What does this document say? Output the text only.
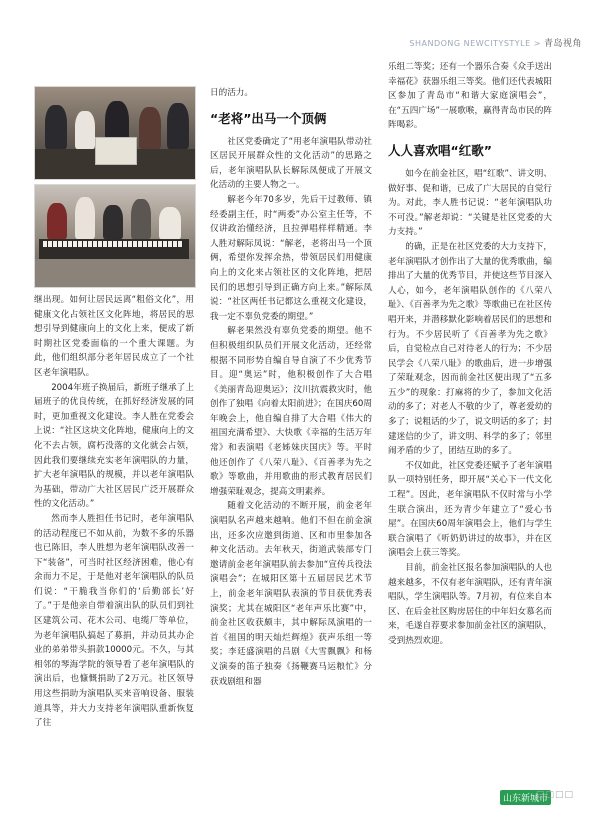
SHANDONG NEWCITYSTYLE > 青岛视角

继出现。如何让居民远离“粗俗文化”，用健康文化占领社区文化阵地，将居民的思想引导到健康向上的文化上来，便成了新时期社区党委面临的一个重大课题。为此，他们组织部分老年居民成立了一个社区老年演唱队。

2004年班子换届后，新班子继承了上届班子的优良传统，在抓好经济发展的同时，更加重视文化建设。李人胜在党委会上说：“社区这块文化阵地，健康向上的文化不去占领，腐朽没落的文化就会占领，因此我们要继续充实老年演唱队的力量，扩大老年演唱队的规模，并以老年演唱队为基础，带动广大社区居民广泛开展群众性的文化活动。”

然而李人胜担任书记时，老年演唱队的活动程度已不如从前，为数不多的乐器也已陈旧，李人胜想为老年演唱队改善一下“装备”，可当时社区经济困难，他心有余而力不足，于是他对老年演唱队的队员们说：“干脆我当你们的‘后勤部长’好了。”于是他亲自带着演出队的队员们到社区建筑公司、花木公司、电缆厂等单位，为老年演唱队搞起了募捐，并动员其办企业的弟弟带头捐款10000元。不久，与其相邻的琴海学院的领导看了老年演唱队的演出后，也慷慨捐助了2万元。社区领导用这些捐助为演唱队买来音响设备、服装道具等，并大力支持老年演唱队重新恢复了往

日的活力。

“老将”出马一个顶俩

社区党委确定了“用老年演唱队带动社区居民开展群众性的文化活动”的思路之后，老年演唱队队长解际凤便成了开展文化活动的主要人物之一。

解老今年70多岁，先后干过教师、镇经委副主任，时“两委”办公室主任等，不仅讲政治懂经济，且拉弹唱样样精通。李人胜对解际凤说：“解老，老将出马一个顶俩，希望你发挥余热，带领居民们用健康向上的文化来占领社区的文化阵地，把居民们的思想引导到正确方向上来。”解际凤说：“社区两任书记都这么重视文化建设，我一定不辜负党委的期望。”

解老果然没有辜负党委的期望。他不但积极组织队员们开展文化活动，还经常根据不同形势自编自导自演了不少优秀节目。迎“奥运”时，他积极创作了大合唱《美丽青岛迎奥运》；汶川抗震救灾时，他创作了独唱《向着太阳前进》；在国庆60周年晚会上，他自编自排了大合唱《伟大的祖国充满希望》、大快歌《幸福的生活万年常》和表演唱《老姊妹庆国庆》等。平时他还创作了《八荣八耻》、《百善孝为先之歌》等歌曲，并用歌曲的形式教育居民们增强荣耻观念，提高文明素养。

随着文化活动的不断开展，前金老年演唱队名声越来越响。他们不但在前金演出，还多次应邀到街道、区和市里参加各种文化活动。去年秋天，街道武装部专门邀请前金老年演唱队前去参加“宣传兵役法演唱会”；在城阳区第十五届居民艺术节上，前金老年演唱队表演的节目获优秀表演奖；尤其在城阳区“老年声乐比赛”中，前金社区收获颇丰，其中解际凤演唱的一首《祖国的明天灿烂辉煌》获声乐组一等奖；李廷盛演唱的吕剧《大雪飘飘》和杨义演奏的笛子独奏《扬鞭赛马运粮忙》分获戏剧组和器

乐组二等奖；还有一个器乐合奏《众手送出幸福花》获器乐组三等奖。他们还代表城阳区参加了青岛市“和谐大家庭演唱会”，在“五四广场”一展歌喉，赢得青岛市民的阵阵喝彩。

人人喜欢唱“红歌”

如今在前金社区，唱“红歌”、讲文明、做好事、促和谐，已成了广大居民的自觉行为。对此，李人胜书记说：“老年演唱队功不可没。”解老却说：“关键是社区党委的大力支持。”

的确，正是在社区党委的大力支持下，老年演唱队才创作出了大量的优秀歌曲，编排出了大量的优秀节目，并使这些节目深入人心，如今，老年演唱队创作的《八荣八耻》、《百善孝为先之歌》等歌曲已在社区传唱开来，并潜移默化影响着居民们的思想和行为。不少居民听了《百善孝为先之歌》后，自觉检点自己对待老人的行为；不少居民学会《八荣八耻》的歌曲后，进一步增强了荣耻观念，因而前金社区便出现了“五多五少”的现象：打麻将的少了，参加文化活动的多了；对老人不敬的少了，尊老爱幼的多了；说粗话的少了，说文明话的多了；封建迷信的少了，讲文明、科学的多了；邻里闹矛盾的少了，团结互助的多了。

不仅如此，社区党委还赋予了老年演唱队一项特别任务，即开展“关心下一代文化工程”。因此，老年演唱队不仅时常与小学生联合演出，还为青少年建立了“爱心书屋”。在国庆60周年演唱会上，他们与学生联合演唱了《听奶奶讲过的故事》，并在区演唱会上获三等奖。

目前，前金社区报名参加演唱队的人也越来越多，不仅有老年演唱队，还有青年演唱队，学生演唱队等。7月初，有位来自本区、在后金社区购房居住的中年妇女慕名而来，毛遂自荐要求参加前金社区的演唱队，受到热烈欢迎。

山东新城市
□□□□
